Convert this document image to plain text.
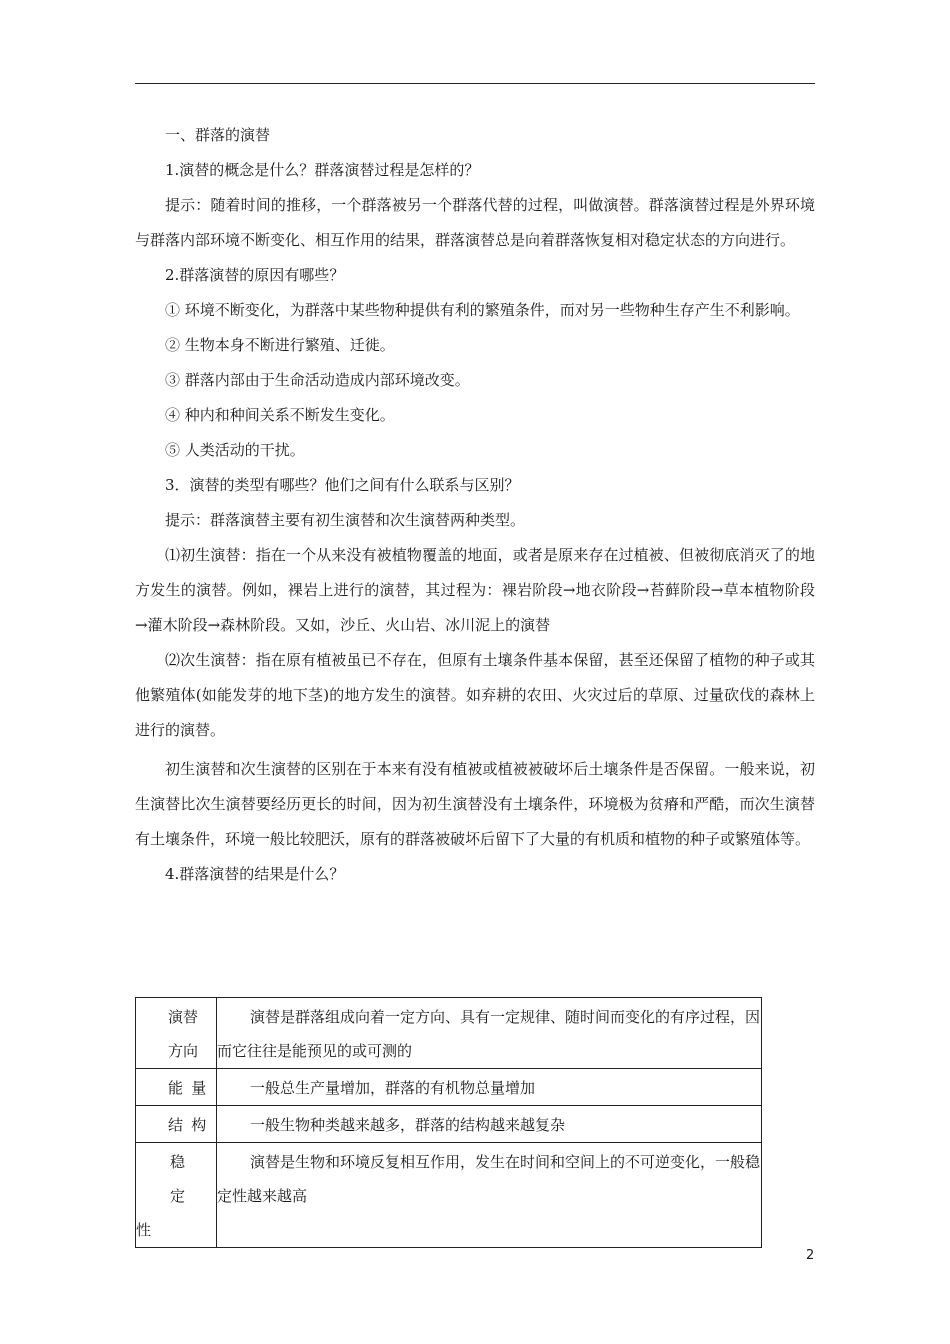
一、群落的演替

1.演替的概念是什么？群落演替过程是怎样的？

提示：随着时间的推移，一个群落被另一个群落代替的过程，叫做演替。群落演替过程是外界环境与群落内部环境不断变化、相互作用的结果，群落演替总是向着群落恢复相对稳定状态的方向进行。

2.群落演替的原因有哪些？

① 环境不断变化，为群落中某些物种提供有利的繁殖条件，而对另一些物种生存产生不利影响。

② 生物本身不断进行繁殖、迁徙。

③ 群落内部由于生命活动造成内部环境改变。

④ 种内和种间关系不断发生变化。

⑤ 人类活动的干扰。

3．演替的类型有哪些？他们之间有什么联系与区别？

提示：群落演替主要有初生演替和次生演替两种类型。

⑴初生演替：指在一个从来没有被植物覆盖的地面，或者是原来存在过植被、但被彻底消灭了的地方发生的演替。例如，裸岩上进行的演替，其过程为：裸岩阶段→地衣阶段→苔藓阶段→草本植物阶段→灌木阶段→森林阶段。又如，沙丘、火山岩、冰川泥上的演替

⑵次生演替：指在原有植被虽已不存在，但原有土壤条件基本保留，甚至还保留了植物的种子或其他繁殖体(如能发芽的地下茎)的地方发生的演替。如弃耕的农田、火灾过后的草原、过量砍伐的森林上进行的演替。

初生演替和次生演替的区别在于本来有没有植被或植被被破坏后土壤条件是否保留。一般来说，初生演替比次生演替要经历更长的时间，因为初生演替没有土壤条件，环境极为贫瘠和严酷，而次生演替有土壤条件，环境一般比较肥沃，原有的群落被破坏后留下了大量的有机质和植物的种子或繁殖体等。

4.群落演替的结果是什么？

演替
方向	演替是群落组成向着一定方向、具有一定规律、随时间而变化的有序过程，因而它往往是能预见的或可测的

能量	一般总生产量增加，群落的有机物总量增加

结构	一般生物种类越来越多，群落的结构越来越复杂

稳定
性	演替是生物和环境反复相互作用，发生在时间和空间上的不可逆变化，一般稳定性越来越高
2
